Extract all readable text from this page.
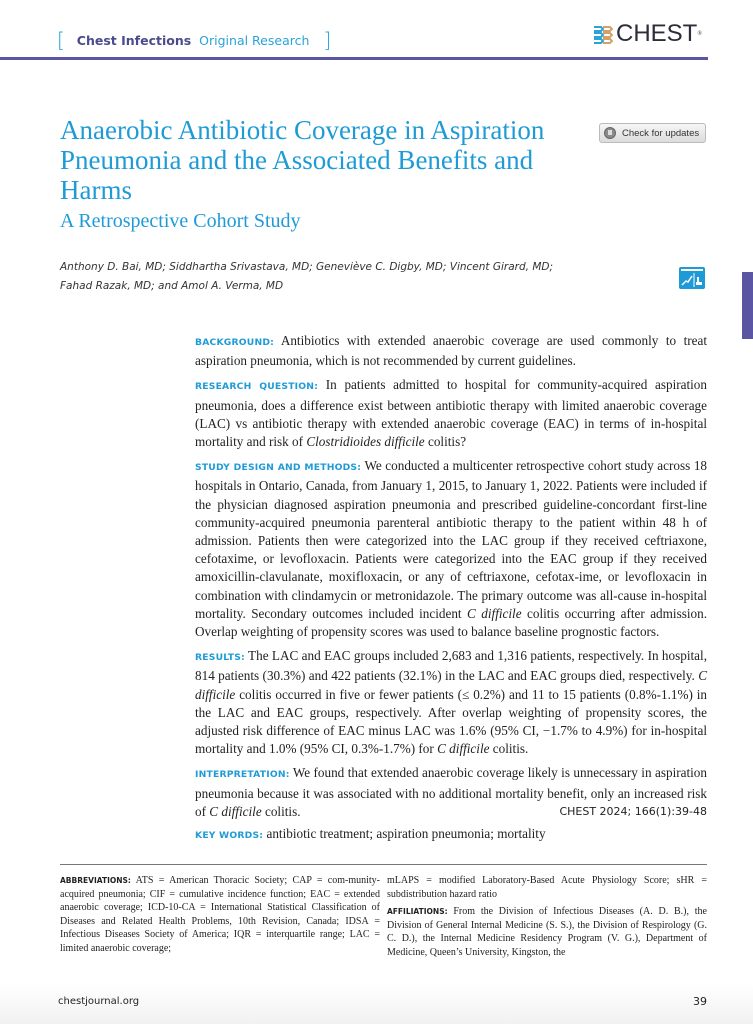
[ Chest Infections Original Research ]	CHEST ®
Anaerobic Antibiotic Coverage in Aspiration Pneumonia and the Associated Benefits and Harms
A Retrospective Cohort Study
Check for updates
Anthony D. Bai, MD; Siddhartha Srivastava, MD; Geneviève C. Digby, MD; Vincent Girard, MD;
Fahad Razak, MD; and Amol A. Verma, MD

BACKGROUND: Antibiotics with extended anaerobic coverage are used commonly to treat aspiration pneumonia, which is not recommended by current guidelines.

RESEARCH QUESTION: In patients admitted to hospital for community-acquired aspiration pneumonia, does a difference exist between antibiotic therapy with limited anaerobic coverage (LAC) vs antibiotic therapy with extended anaerobic coverage (EAC) in terms of in-hospital mortality and risk of Clostridioides difficile colitis?

STUDY DESIGN AND METHODS: We conducted a multicenter retrospective cohort study across 18 hospitals in Ontario, Canada, from January 1, 2015, to January 1, 2022. Patients were included if the physician diagnosed aspiration pneumonia and prescribed guideline-concordant first-line community-acquired pneumonia parenteral antibiotic therapy to the patient within 48 h of admission. Patients then were categorized into the LAC group if they received ceftriaxone, cefotaxime, or levofloxacin. Patients were categorized into the EAC group if they received amoxicillin-clavulanate, moxifloxacin, or any of ceftriaxone, cefotax-ime, or levofloxacin in combination with clindamycin or metronidazole. The primary outcome was all-cause in-hospital mortality. Secondary outcomes included incident C difficile colitis occurring after admission. Overlap weighting of propensity scores was used to balance baseline prognostic factors.

RESULTS: The LAC and EAC groups included 2,683 and 1,316 patients, respectively. In hospital, 814 patients (30.3%) and 422 patients (32.1%) in the LAC and EAC groups died, respectively. C difficile colitis occurred in five or fewer patients (≤ 0.2%) and 11 to 15 patients (0.8%-1.1%) in the LAC and EAC groups, respectively. After overlap weighting of propensity scores, the adjusted risk difference of EAC minus LAC was 1.6% (95% CI, −1.7% to 4.9%) for in-hospital mortality and 1.0% (95% CI, 0.3%-1.7%) for C difficile colitis.

INTERPRETATION: We found that extended anaerobic coverage likely is unnecessary in aspiration pneumonia because it was associated with no additional mortality benefit, only an increased risk of C difficile colitis.	CHEST 2024; 166(1):39-48

KEY WORDS: antibiotic treatment; aspiration pneumonia; mortality

ABBREVIATIONS: ATS = American Thoracic Society; CAP = com-munity-acquired pneumonia; CIF = cumulative incidence function; EAC = extended anaerobic coverage; ICD-10-CA = International Statistical Classification of Diseases and Related Health Problems, 10th Revision, Canada; IDSA = Infectious Diseases Society of America; IQR = interquartile range; LAC = limited anaerobic coverage;

mLAPS = modified Laboratory-Based Acute Physiology Score; sHR = subdistribution hazard ratio

AFFILIATIONS: From the Division of Infectious Diseases (A. D. B.), the Division of General Internal Medicine (S. S.), the Division of Respirology (G. C. D.), the Internal Medicine Residency Program (V. G.), Department of Medicine, Queen’s University, Kingston, the

chestjournal.org	39
